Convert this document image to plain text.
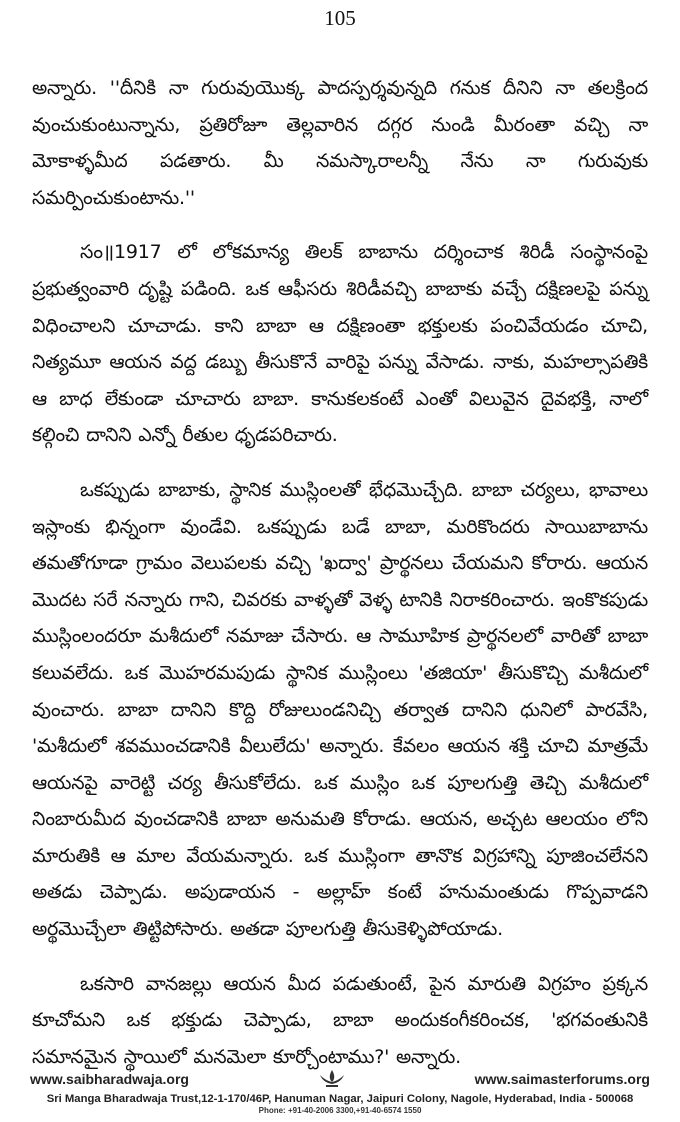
105

అన్నారు. ''దీనికి నా గురువుయొక్క పాదస్పర్శవున్నది గనుక దీనిని నా తలక్రింద వుంచుకుంటున్నాను, ప్రతిరోజూ తెల్లవారిన దగ్గర నుండి మీరంతా వచ్చి నా మోకాళ్ళమీద పడతారు. మీ నమస్కారాలన్నీ నేను నా గురువుకు సమర్పించుకుంటాను.''

సం॥1917 లో లోకమాన్య తిలక్ బాబాను దర్శించాక శిరిడీ సంస్థానంపై ప్రభుత్వంవారి దృష్టి పడింది. ఒక ఆఫీసరు శిరిడీవచ్చి బాబాకు వచ్చే దక్షిణలపై పన్ను విధించాలని చూచాడు. కాని బాబా ఆ దక్షిణంతా భక్తులకు పంచివేయడం చూచి, నిత్యమూ ఆయన వద్ద డబ్బు తీసుకొనే వారిపై పన్ను వేసాడు. నాకు, మహల్సాపతికి ఆ బాధ లేకుండా చూచారు బాబా. కానుకలకంటే ఎంతో విలువైన దైవభక్తి, నాలో కల్గించి దానిని ఎన్నో రీతుల ధృడపరిచారు.

ఒకప్పుడు బాబాకు, స్థానిక ముస్లింలతో భేధమొచ్చేది. బాబా చర్యలు, భావాలు ఇస్లాంకు భిన్నంగా వుండేవి. ఒకప్పుడు బడే బాబా, మరికొందరు సాయిబాబాను తమతోగూడా గ్రామం వెలుపలకు వచ్చి 'ఖద్వా' ప్రార్థనలు చేయమని కోరారు. ఆయన మొదట సరే నన్నారు గాని, చివరకు వాళ్ళతో వెళ్ళ టానికి నిరాకరించారు. ఇంకొకపుడు ముస్లింలందరూ మశీదులో నమాజు చేసారు. ఆ సామూహిక ప్రార్థనలలో వారితో బాబా కలువలేదు. ఒక మొహరమపుడు స్థానిక ముస్లింలు 'తజియా' తీసుకొచ్చి మశీదులో వుంచారు. బాబా దానిని కొద్ది రోజులుండనిచ్చి తర్వాత దానిని ధునిలో పారవేసి, 'మశీదులో శవముంచడానికి వీలులేదు' అన్నారు. కేవలం ఆయన శక్తి చూచి మాత్రమే ఆయనపై వారెట్టి చర్య తీసుకోలేదు. ఒక ముస్లిం ఒక పూలగుత్తి తెచ్చి మశీదులో నింబారుమీద వుంచడానికి బాబా అనుమతి కోరాడు. ఆయన, అచ్చట ఆలయం లోని మారుతికి ఆ మాల వేయమన్నారు. ఒక ముస్లింగా తానొక విగ్రహాన్ని పూజించలేనని అతడు చెప్పాడు. అపుడాయన - అల్లాహ్ కంటే హనుమంతుడు గొప్పవాడని అర్థమొచ్చేలా తిట్టిపోసారు. అతడా పూలగుత్తి తీసుకెళ్ళిపోయాడు.

ఒకసారి వానజల్లు ఆయన మీద పడుతుంటే, పైన మారుతి విగ్రహం ప్రక్కన కూచోమని ఒక భక్తుడు చెప్పాడు, బాబా అందుకంగీకరించక, 'భగవంతునికి సమానమైన స్థాయిలో మనమెలా కూర్చోంటాము?' అన్నారు.

www.saibharadwaja.org	www.saimasterforums.org
Sri Manga Bharadwaja Trust,12-1-170/46P, Hanuman Nagar, Jaipuri Colony, Nagole, Hyderabad, India - 500068
Phone: +91-40-2006 3300,+91-40-6574 1550
